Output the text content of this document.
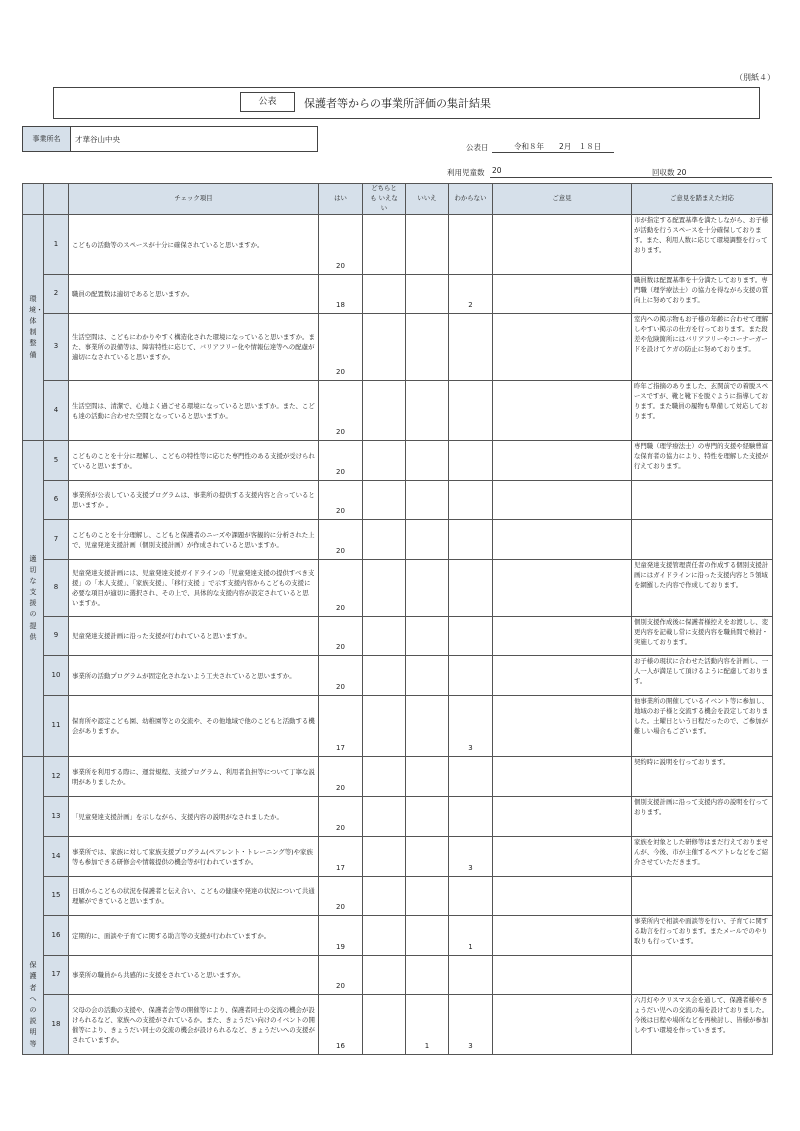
（別紙４）
公表	保護者等からの事業所評価の集計結果
事業所名	才華谷山中央
公表日	令和８年　　2月　１８日
利用児童数 20	回収数 20
		チェック項目	はい	どちらとも いえない	いいえ	わからない	ご意見	ご意見を踏まえた対応
環境・体制整備	1	こどもの活動等のスペースが十分に確保されていると思いますか。	20					市が指定する配置基準を満たしながら、お子様が活動を行うスペースを十分確保しております。また、利用人数に応じて環境調整を行っております。
	2	職員の配置数は適切であると思いますか。	18			2		職員数は配置基準を十分満たしております。専門職（理学療法士）の協力を得ながら支援の質向上に努めております。
	3	生活空間は、こどもにわかりやすく構造化された環境になっていると思いますか。また、事業所の設備等は、障害特性に応じて、バリアフリー化や情報伝達等への配慮が適切になされていると思いますか。	20					室内への掲示物もお子様の年齢に合わせて理解しやすい掲示の仕方を行っております。また段差や危険箇所にはバリアフリーやコーナーガードを設けてケガの防止に努めております。
	4	生活空間は、清潔で、心地よく過ごせる環境になっていると思いますか。また、こども達の活動に合わせた空間となっていると思いますか。	20					昨年ご指摘のありました、玄関前での着脱スペースですが、靴と靴下を脱ぐように指導しております。また職員の履物も準備して対応しております。
適切な支援の提供	5	こどものことを十分に理解し、こどもの特性等に応じた専門性のある支援が受けられていると思いますか。	20					専門職（理学療法士）の専門的支援や経験豊富な保育者の協力により、特性を理解した支援が行えております。
	6	事業所が公表している支援プログラムは、事業所の提供する支援内容と合っていると思いますか 。	20					
	7	こどものことを十分理解し、こどもと保護者のニーズや課題が客観的に分析された上で、児童発達支援計画（個別支援計画）が作成されていると思いますか。	20					
	8	児童発達支援計画には、児童発達支援ガイドラインの「児童発達支援の提供すべき支援」の「本人支援」、「家族支援」、「移行支援 」で示す支援内容からこどもの支援に必要な項目が適切に選択され、その上で、具体的な支援内容が設定されていると思いますか。	20					児童発達支援管理責任者の作成する個別支援計画にはガイドラインに沿った支援内容と５領域を網羅した内容で作成しております。
	9	児童発達支援計画に沿った支援が行われていると思いますか。	20					個別支援作成後に保護者様控えをお渡しし、変更内容を記載し常に支援内容を職員間で検討・実施しております。
	10	事業所の活動プログラムが固定化されないよう工夫されていると思いますか。	20					お子様の現状に合わせた活動内容を計画し、一人一人が満足して頂けるように配慮しております。
	11	保育所や認定こども園、幼稚園等との交流や、その他地域で他のこどもと活動する機会がありますか。	17			3		他事業所の開催しているイベント等に参加し、地域のお子様と交流する機会を設定しておりました。土曜日という日程だったので、ご参加が難しい場合もございます。
保護者への説明等	12	事業所を利用する際に、運営規程、支援プログラム、利用者負担等について丁寧な説明がありましたか。	20					契約時に説明を行っております。
	13	「児童発達支援計画」を示しながら、支援内容の説明がなされましたか。	20					個別支援計画に沿って支援内容の説明を行っております。
	14	事業所では、家族に対して家族支援プログラム(ペアレント・トレーニング等)や家族等も参加できる研修会や情報提供の機会等が行われていますか。	17			3		家族を対象とした研修等はまだ行えておりませんが、今後、市が主催するペアトレなどをご紹介させていただきます。
	15	日頃からこどもの状況を保護者と伝え合い、こどもの健康や発達の状況について共通理解ができていると思いますか。	20					
	16	定期的に、面談や子育てに関する助言等の支援が行われていますか。	19			1		事業所内で相談や面談等を行い、子育てに関する助言を行っております。またメールでのやり取りも行っています。
	17	事業所の職員から共感的に支援をされていると思いますか。	20					
	18	父母の会の活動の支援や、保護者会等の開催等により、保護者同士の交流の機会が設けられるなど、家族への支援がされているか。また、きょうだい向けのイベントの開催等により、きょうだい同士の交流の機会が設けられるなど、きょうだいへの支援がされていますか。	16		1	3		六月灯やクリスマス会を通して、保護者様やきょうだい児への交流の場を設けておりました。今後は日程や場所などを再検討し、皆様が参加しやすい環境を作っていきます。
